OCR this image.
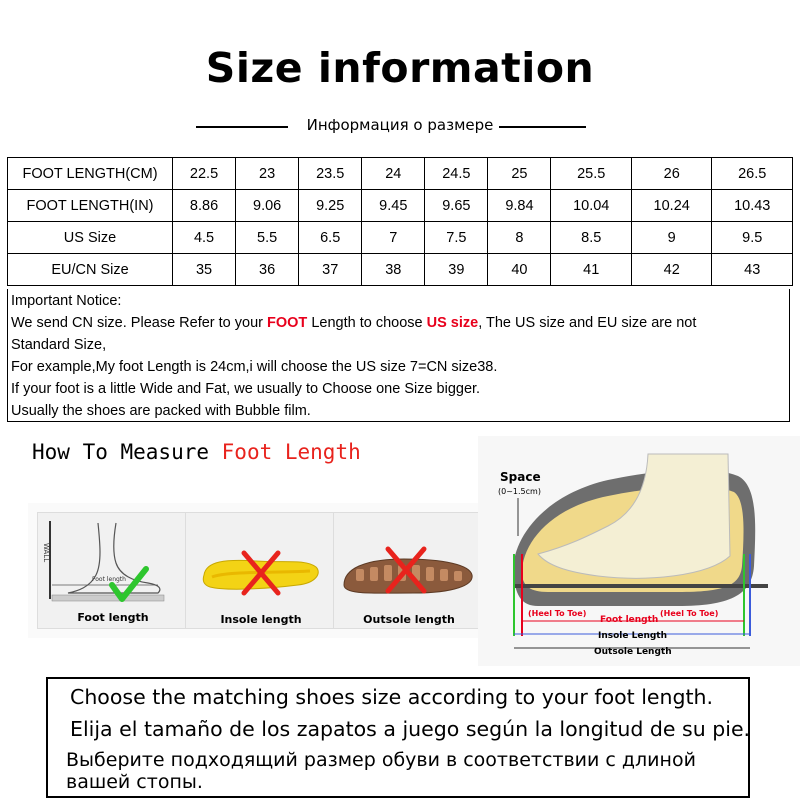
Size information
Информация о размере
FOOT LENGTH(CM)	22.5	23	23.5	24	24.5	25	25.5	26	26.5
FOOT LENGTH(IN)	8.86	9.06	9.25	9.45	9.65	9.84	10.04	10.24	10.43
US Size	4.5	5.5	6.5	7	7.5	8	8.5	9	9.5
EU/CN Size	35	36	37	38	39	40	41	42	43
Important Notice:
We send CN size. Please Refer to your FOOT Length to choose US size, The US size and EU size are not
Standard Size,
For example,My foot Length is 24cm,i will choose the US size 7=CN size38.
If your foot is a little Wide and Fat, we usually to Choose one Size bigger.
Usually the shoes are packed with Bubble film.
How To Measure Foot Length
WALL
Foot length
Foot length	Insole length	Outsole length
Space
(0~1.5cm)
(Heel To Toe)
Foot length
(Heel To Toe)
Insole Length
Outsole Length
Choose the matching shoes size according to your foot length.
Elija el tamaño de los zapatos a juego según la longitud de su pie.
Выберите подходящий размер обуви в соответствии с длиной
вашей стопы.
